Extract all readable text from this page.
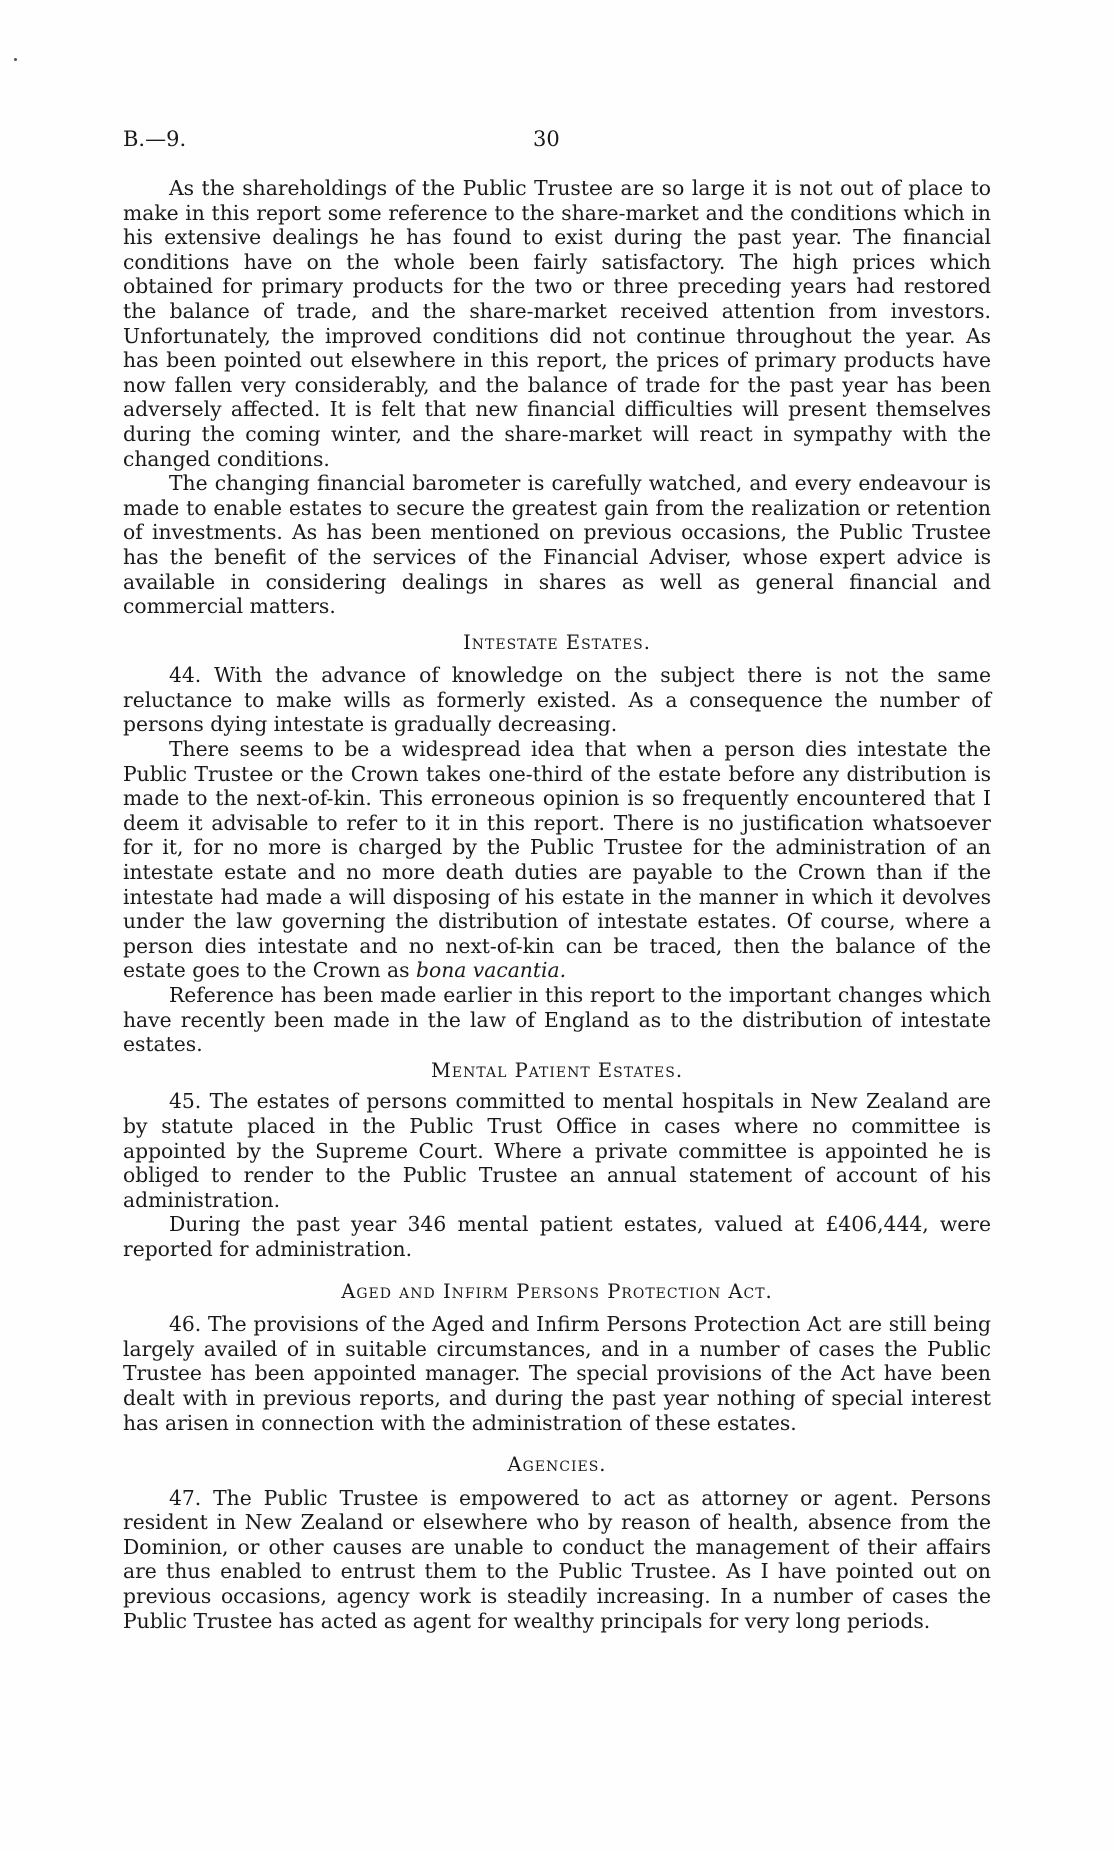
B.—9.	30

As the shareholdings of the Public Trustee are so large it is not out of place to make in this report some reference to the share-market and the conditions which in his extensive dealings he has found to exist during the past year. The financial conditions have on the whole been fairly satisfactory. The high prices which obtained for primary products for the two or three preceding years had restored the balance of trade, and the share-market received attention from investors. Unfortunately, the improved conditions did not continue throughout the year. As has been pointed out elsewhere in this report, the prices of primary products have now fallen very considerably, and the balance of trade for the past year has been adversely affected. It is felt that new financial difficulties will present themselves during the coming winter, and the share-market will react in sympathy with the changed conditions.

The changing financial barometer is carefully watched, and every endeavour is made to enable estates to secure the greatest gain from the realization or retention of investments. As has been mentioned on previous occasions, the Public Trustee has the benefit of the services of the Financial Adviser, whose expert advice is available in considering dealings in shares as well as general financial and commercial matters.

Intestate Estates.

44. With the advance of knowledge on the subject there is not the same reluctance to make wills as formerly existed. As a consequence the number of persons dying intestate is gradually decreasing.

There seems to be a widespread idea that when a person dies intestate the Public Trustee or the Crown takes one-third of the estate before any distribution is made to the next-of-kin. This erroneous opinion is so frequently encountered that I deem it advisable to refer to it in this report. There is no justification whatsoever for it, for no more is charged by the Public Trustee for the administration of an intestate estate and no more death duties are payable to the Crown than if the intestate had made a will disposing of his estate in the manner in which it devolves under the law governing the distribution of intestate estates. Of course, where a person dies intestate and no next-of-kin can be traced, then the balance of the estate goes to the Crown as bona vacantia.

Reference has been made earlier in this report to the important changes which have recently been made in the law of England as to the distribution of intestate estates.

Mental Patient Estates.

45. The estates of persons committed to mental hospitals in New Zealand are by statute placed in the Public Trust Office in cases where no committee is appointed by the Supreme Court. Where a private committee is appointed he is obliged to render to the Public Trustee an annual statement of account of his administration.

During the past year 346 mental patient estates, valued at £406,444, were reported for administration.

Aged and Infirm Persons Protection Act.

46. The provisions of the Aged and Infirm Persons Protection Act are still being largely availed of in suitable circumstances, and in a number of cases the Public Trustee has been appointed manager. The special provisions of the Act have been dealt with in previous reports, and during the past year nothing of special interest has arisen in connection with the administration of these estates.

Agencies.

47. The Public Trustee is empowered to act as attorney or agent. Persons resident in New Zealand or elsewhere who by reason of health, absence from the Dominion, or other causes are unable to conduct the management of their affairs are thus enabled to entrust them to the Public Trustee. As I have pointed out on previous occasions, agency work is steadily increasing. In a number of cases the Public Trustee has acted as agent for wealthy principals for very long periods.
